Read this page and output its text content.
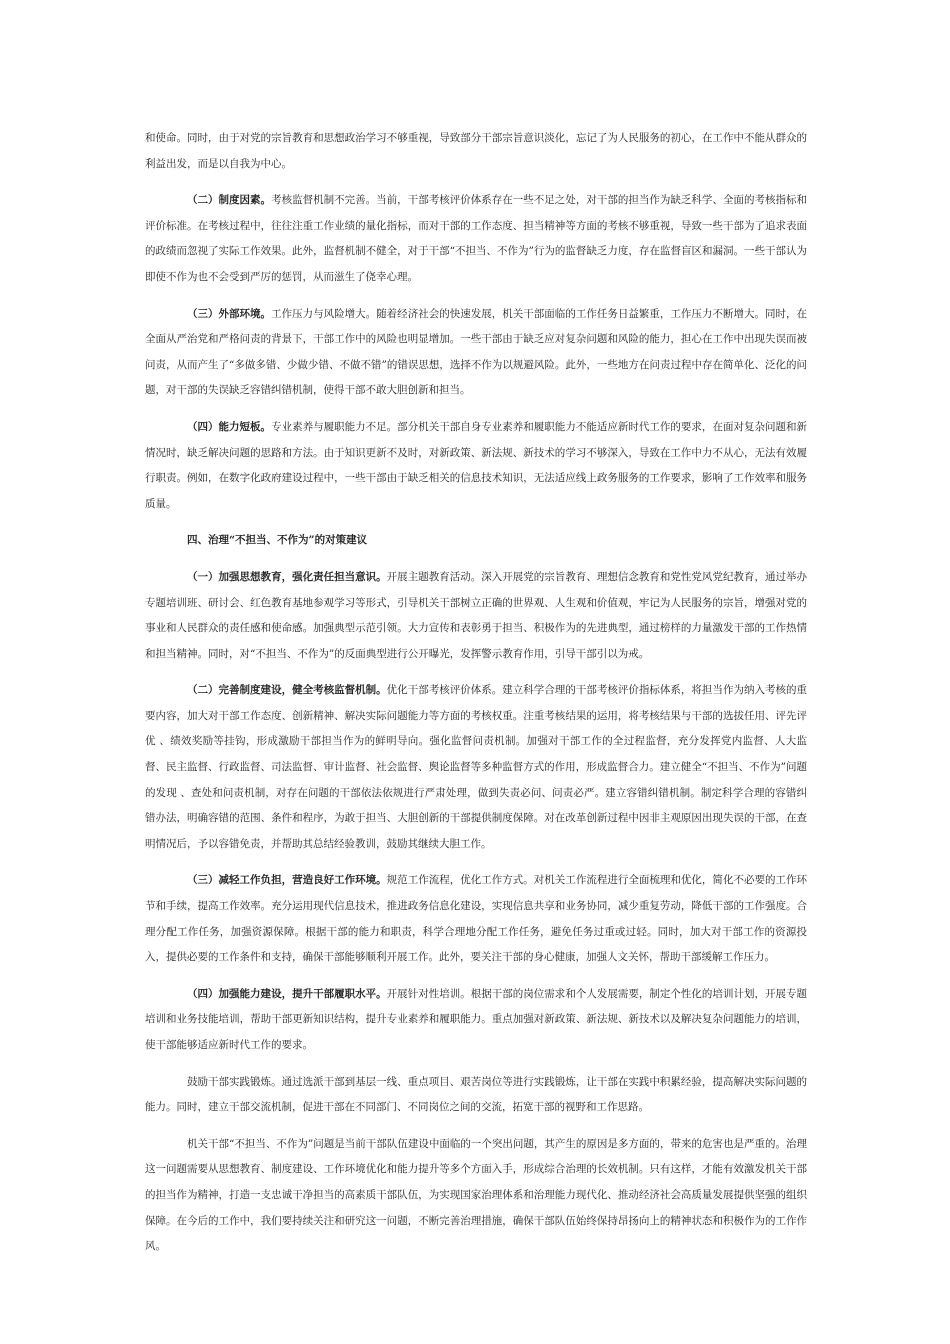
和使命。同时，由于对党的宗旨教育和思想政治学习不够重视，导致部分干部宗旨意识淡化，忘记了为人民服务的初心，在工作中不能从群众的利益出发，而是以自我为中心。

（二）制度因素。考核监督机制不完善。当前，干部考核评价体系存在一些不足之处，对干部的担当作为缺乏科学、全面的考核指标和评价标准。在考核过程中，往往注重工作业绩的量化指标，而对干部的工作态度、担当精神等方面的考核不够重视，导致一些干部为了追求表面的政绩而忽视了实际工作效果。此外，监督机制不健全，对于干部“不担当、不作为”行为的监督缺乏力度，存在监督盲区和漏洞。一些干部认为即使不作为也不会受到严厉的惩罚，从而滋生了侥幸心理。

（三）外部环境。工作压力与风险增大。随着经济社会的快速发展，机关干部面临的工作任务日益繁重，工作压力不断增大。同时，在全面从严治党和严格问责的背景下，干部工作中的风险也明显增加。一些干部由于缺乏应对复杂问题和风险的能力，担心在工作中出现失误而被问责，从而产生了“多做多错、少做少错、不做不错”的错误思想，选择不作为以规避风险。此外，一些地方在问责过程中存在简单化、泛化的问题，对干部的失误缺乏容错纠错机制，使得干部不敢大胆创新和担当。

（四）能力短板。专业素养与履职能力不足。部分机关干部自身专业素养和履职能力不能适应新时代工作的要求，在面对复杂问题和新情况时，缺乏解决问题的思路和方法。由于知识更新不及时，对新政策、新法规、新技术的学习不够深入，导致在工作中力不从心，无法有效履行职责。例如，在数字化政府建设过程中，一些干部由于缺乏相关的信息技术知识，无法适应线上政务服务的工作要求，影响了工作效率和服务质量。

四、治理“不担当、不作为”的对策建议

（一）加强思想教育，强化责任担当意识。开展主题教育活动。深入开展党的宗旨教育、理想信念教育和党性党风党纪教育，通过举办专题培训班、研讨会、红色教育基地参观学习等形式，引导机关干部树立正确的世界观、人生观和价值观，牢记为人民服务的宗旨，增强对党的事业和人民群众的责任感和使命感。加强典型示范引领。大力宣传和表彰勇于担当、积极作为的先进典型，通过榜样的力量激发干部的工作热情和担当精神。同时，对“不担当、不作为”的反面典型进行公开曝光，发挥警示教育作用，引导干部引以为戒。

（二）完善制度建设，健全考核监督机制。优化干部考核评价体系。建立科学合理的干部考核评价指标体系，将担当作为纳入考核的重要内容，加大对干部工作态度、创新精神、解决实际问题能力等方面的考核权重。注重考核结果的运用，将考核结果与干部的选拔任用、评先评优 、绩效奖励等挂钩，形成激励干部担当作为的鲜明导向。强化监督问责机制。加强对干部工作的全过程监督，充分发挥党内监督、人大监督、民主监督、行政监督、司法监督、审计监督、社会监督、舆论监督等多种监督方式的作用，形成监督合力。建立健全“不担当、不作为”问题的发现 、查处和问责机制，对存在问题的干部依法依规进行严肃处理，做到失责必问、问责必严。建立容错纠错机制。制定科学合理的容错纠错办法，明确容错的范围、条件和程序，为敢于担当、大胆创新的干部提供制度保障。对在改革创新过程中因非主观原因出现失误的干部，在查明情况后，予以容错免责，并帮助其总结经验教训，鼓励其继续大胆工作。

（三）减轻工作负担，营造良好工作环境。规范工作流程，优化工作方式。对机关工作流程进行全面梳理和优化，简化不必要的工作环节和手续，提高工作效率。充分运用现代信息技术，推进政务信息化建设，实现信息共享和业务协同，减少重复劳动，降低干部的工作强度。合理分配工作任务，加强资源保障。根据干部的能力和职责，科学合理地分配工作任务，避免任务过重或过轻。同时，加大对干部工作的资源投入，提供必要的工作条件和支持，确保干部能够顺利开展工作。此外，要关注干部的身心健康，加强人文关怀，帮助干部缓解工作压力。

（四）加强能力建设，提升干部履职水平。开展针对性培训。根据干部的岗位需求和个人发展需要，制定个性化的培训计划，开展专题培训和业务技能培训，帮助干部更新知识结构，提升专业素养和履职能力。重点加强对新政策、新法规、新技术以及解决复杂问题能力的培训，使干部能够适应新时代工作的要求。

鼓励干部实践锻炼。通过选派干部到基层一线、重点项目、艰苦岗位等进行实践锻炼，让干部在实践中积累经验，提高解决实际问题的能力。同时，建立干部交流机制，促进干部在不同部门、不同岗位之间的交流，拓宽干部的视野和工作思路。

机关干部“不担当、不作为”问题是当前干部队伍建设中面临的一个突出问题，其产生的原因是多方面的，带来的危害也是严重的。治理这一问题需要从思想教育、制度建设、工作环境优化和能力提升等多个方面入手，形成综合治理的长效机制。只有这样，才能有效激发机关干部的担当作为精神，打造一支忠诚干净担当的高素质干部队伍，为实现国家治理体系和治理能力现代化、推动经济社会高质量发展提供坚强的组织保障。在今后的工作中，我们要持续关注和研究这一问题，不断完善治理措施，确保干部队伍始终保持昂扬向上的精神状态和积极作为的工作作风。
